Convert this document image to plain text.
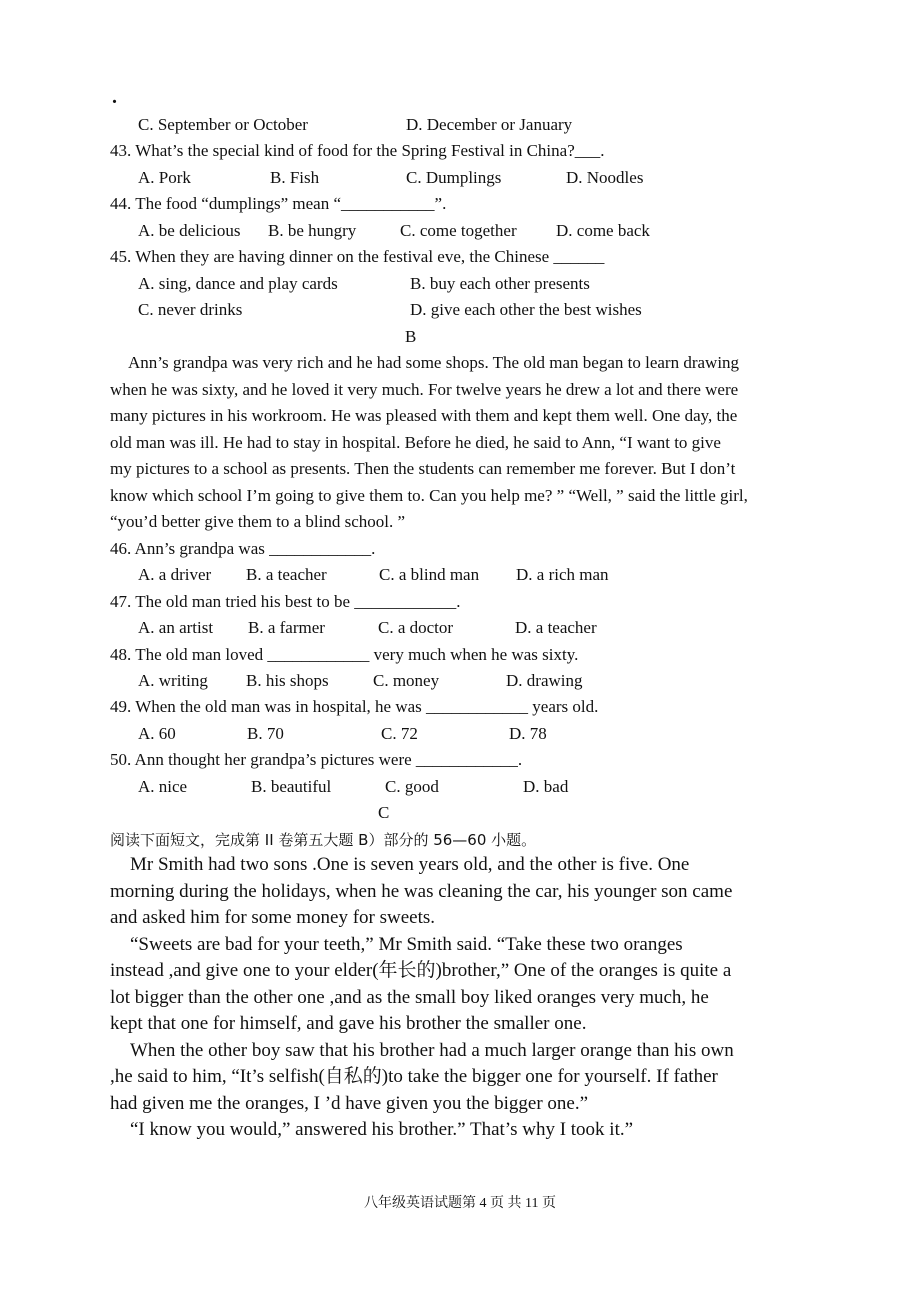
.
C. September or October	D. December or January
43. What’s the special kind of food for the Spring Festival in China?___.
A. Pork	B. Fish	C. Dumplings	D. Noodles
44. The food “dumplings” mean “___________”.
A. be delicious B. be hungry	C. come together D. come back
45. When they are having dinner on the festival eve, the Chinese ______
A. sing, dance and play cards	B. buy each other presents
C. never drinks	D. give each other the best wishes
B
Ann’s grandpa was very rich and he had some shops. The old man began to learn drawing
when he was sixty, and he loved it very much. For twelve years he drew a lot and there were
many pictures in his workroom. He was pleased with them and kept them well. One day, the
old man was ill. He had to stay in hospital. Before he died, he said to Ann, “I want to give
my pictures to a school as presents. Then the students can remember me forever. But I don’t
know which school I’m going to give them to. Can you help me? ” “Well, ” said the little girl,
“you’d better give them to a blind school. ”
46. Ann’s grandpa was ____________.
A. a driver B. a teacher	C. a blind man D. a rich man
47. The old man tried his best to be ____________.
A. an artist B. a farmer	C. a doctor	D. a teacher
48. The old man loved ____________ very much when he was sixty.
A. writing B. his shops	C. money	D. drawing
49. When the old man was in hospital, he was ____________ years old.
A. 60	B. 70	C. 72	D. 78
50. Ann thought her grandpa’s pictures were ____________.
A. nice	B. beautiful	C. good	D. bad
C
阅读下面短文，完成第 II 卷第五大题 B）部分的 56—60 小题。
Mr Smith had two sons .One is seven years old, and the other is five. One
morning during the holidays, when he was cleaning the car, his younger son came
and asked him for some money for sweets.
“Sweets are bad for your teeth,” Mr Smith said. “Take these two oranges
instead ,and give one to your elder(年长的)brother,” One of the oranges is quite a
lot bigger than the other one ,and as the small boy liked oranges very much, he
kept that one for himself, and gave his brother the smaller one.
When the other boy saw that his brother had a much larger orange than his own
,he said to him, “It’s selfish(自私的)to take the bigger one for yourself. If father
had given me the oranges, I ’d have given you the bigger one.”
“I know you would,” answered his brother.” That’s why I took it.”
八年级英语试题第 4 页 共 11 页
